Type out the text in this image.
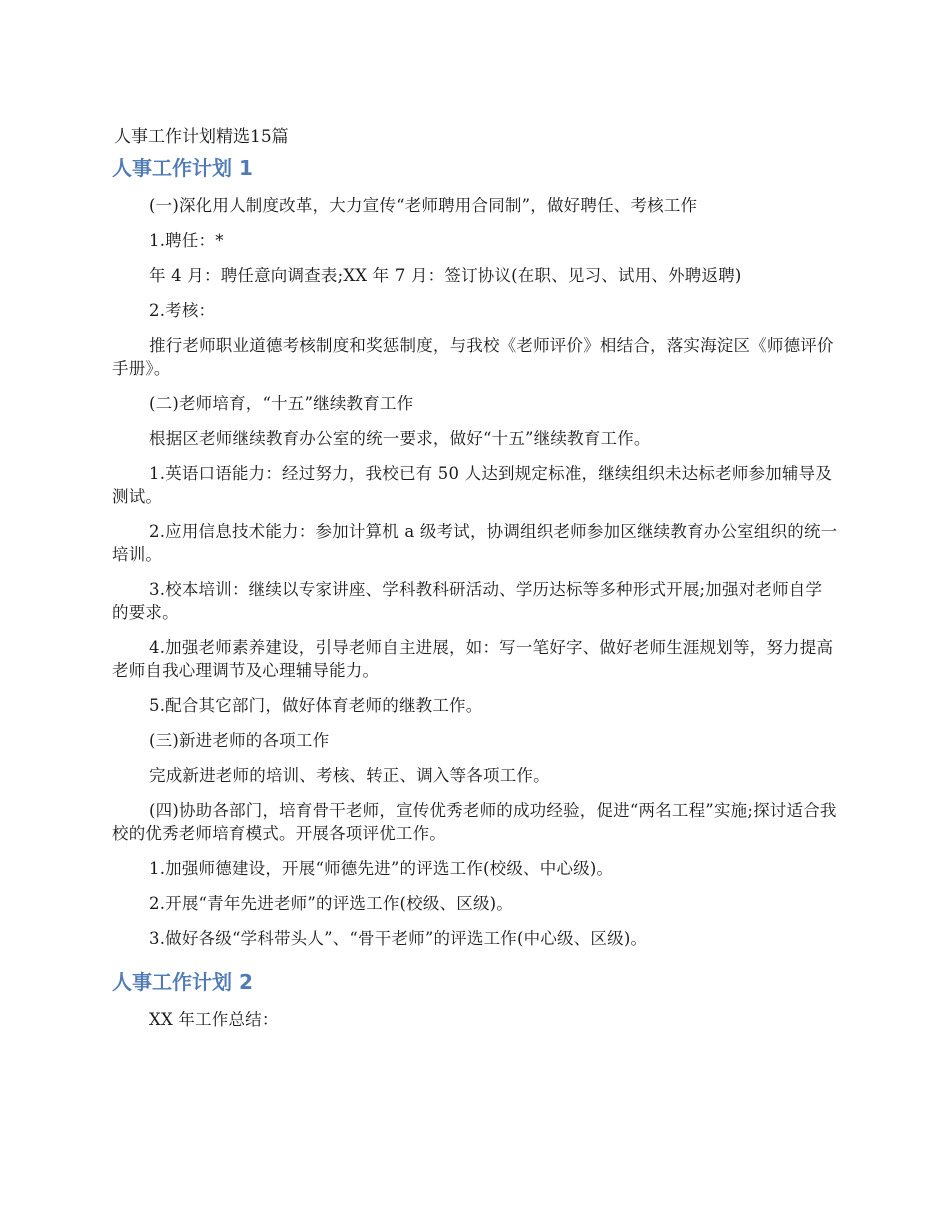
人事工作计划精选15篇
人事工作计划 1

(一)深化用人制度改革，大力宣传“老师聘用合同制”，做好聘任、考核工作

1.聘任：*

年 4 月：聘任意向调查表;XX 年 7 月：签订协议(在职、见习、试用、外聘返聘)

2.考核：

推行老师职业道德考核制度和奖惩制度，与我校《老师评价》相结合，落实海淀区《师德评价手册》。

(二)老师培育，“十五”继续教育工作

根据区老师继续教育办公室的统一要求，做好“十五”继续教育工作。

1.英语口语能力：经过努力，我校已有 50 人达到规定标准，继续组织未达标老师参加辅导及测试。

2.应用信息技术能力：参加计算机 a 级考试，协调组织老师参加区继续教育办公室组织的统一培训。

3.校本培训：继续以专家讲座、学科教科研活动、学历达标等多种形式开展;加强对老师自学的要求。

4.加强老师素养建设，引导老师自主进展，如：写一笔好字、做好老师生涯规划等，努力提高老师自我心理调节及心理辅导能力。

5.配合其它部门，做好体育老师的继教工作。

(三)新进老师的各项工作

完成新进老师的培训、考核、转正、调入等各项工作。

(四)协助各部门，培育骨干老师，宣传优秀老师的成功经验，促进“两名工程”实施;探讨适合我校的优秀老师培育模式。开展各项评优工作。

1.加强师德建设，开展“师德先进”的评选工作(校级、中心级)。

2.开展“青年先进老师”的评选工作(校级、区级)。

3.做好各级“学科带头人”、“骨干老师”的评选工作(中心级、区级)。

人事工作计划 2

XX 年工作总结：
